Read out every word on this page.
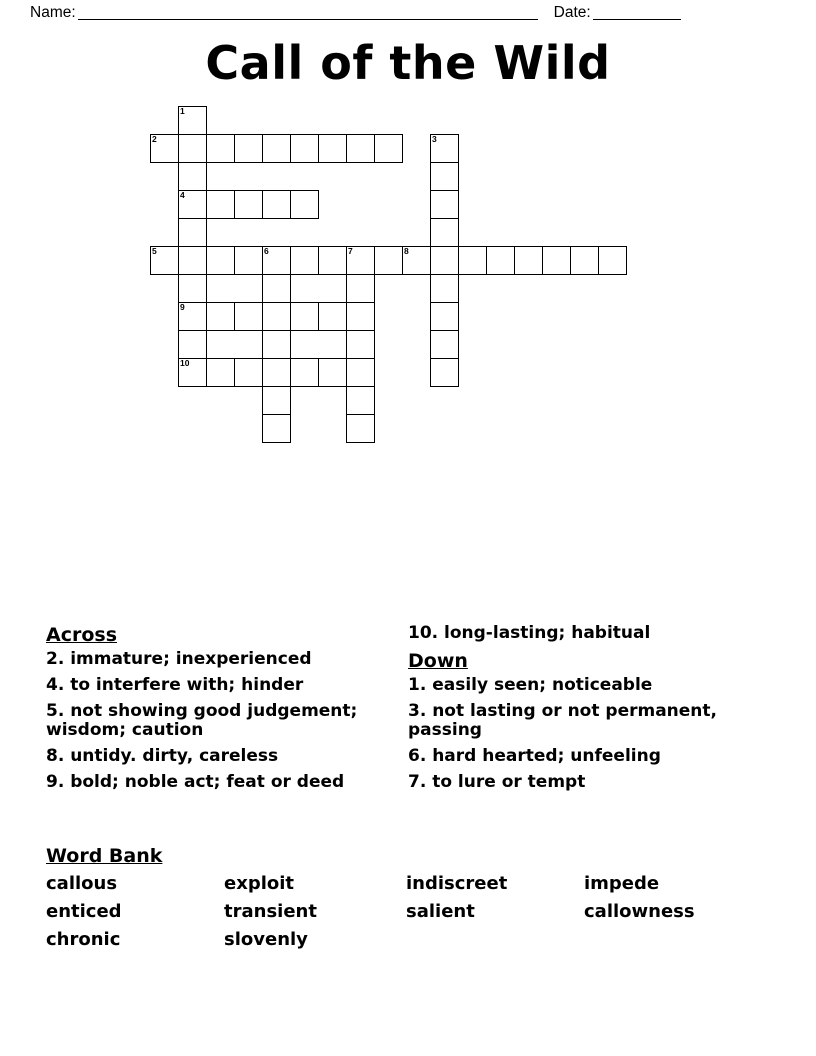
Name:	Date:
Call of the Wild
1
2	3
4
5	6	7	8
9
10
Across
2. immature; inexperienced
4. to interfere with; hinder
5. not showing good judgement; wisdom; caution
8. untidy. dirty, careless
9. bold; noble act; feat or deed
10. long-lasting; habitual
Down
1. easily seen; noticeable
3. not lasting or not permanent, passing
6. hard hearted; unfeeling
7. to lure or tempt
Word Bank
callous	exploit	indiscreet	impede
enticed	transient	salient	callowness
chronic	slovenly
